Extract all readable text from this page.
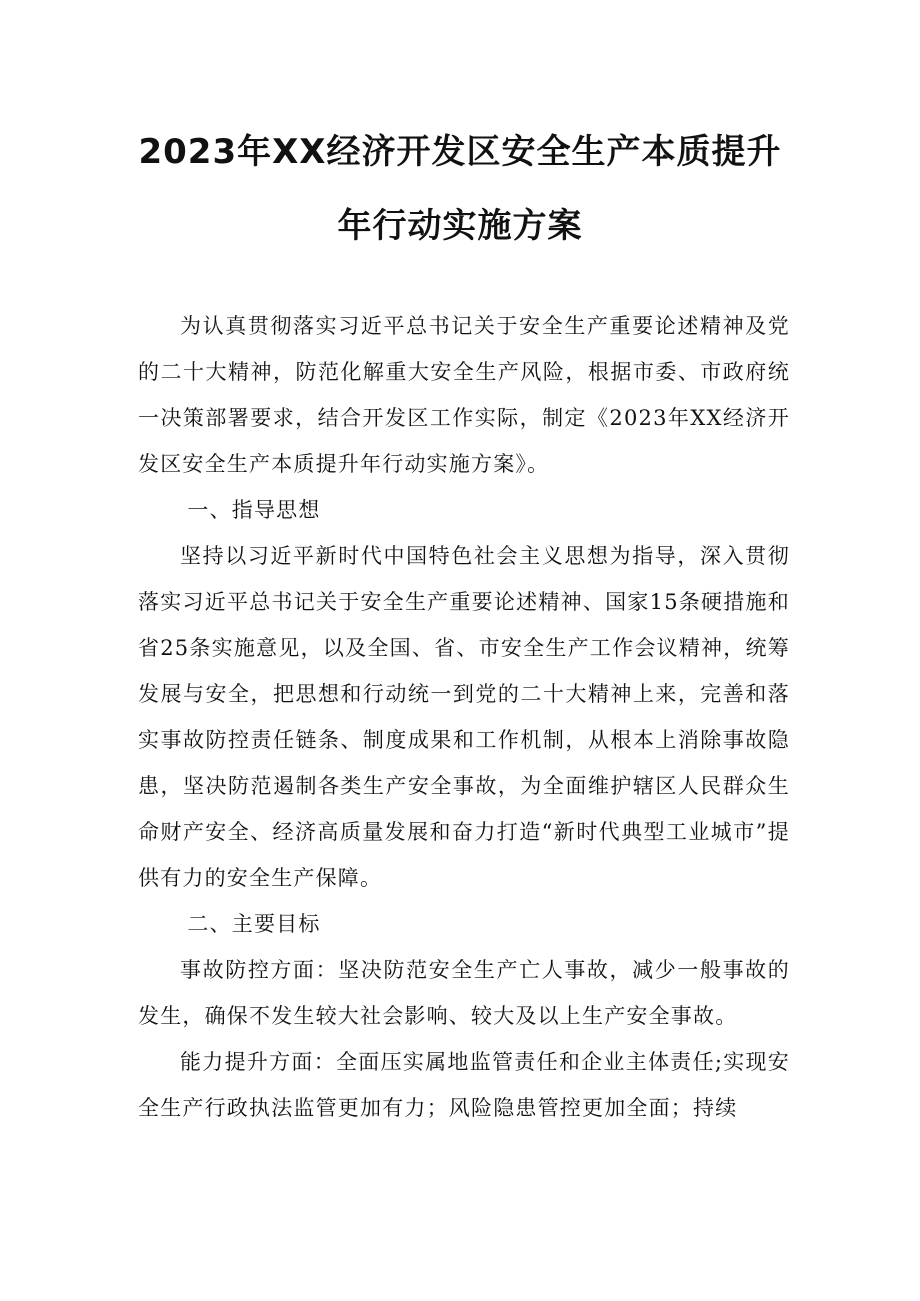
2023年XX经济开发区安全生产本质提升
年行动实施方案

为认真贯彻落实习近平总书记关于安全生产重要论述精神及党的二十大精神，防范化解重大安全生产风险，根据市委、市政府统一决策部署要求，结合开发区工作实际，制定《2023年XX经济开发区安全生产本质提升年行动实施方案》。

一、指导思想

坚持以习近平新时代中国特色社会主义思想为指导，深入贯彻落实习近平总书记关于安全生产重要论述精神、国家15条硬措施和省25条实施意见，以及全国、省、市安全生产工作会议精神，统筹发展与安全，把思想和行动统一到党的二十大精神上来，完善和落实事故防控责任链条、制度成果和工作机制，从根本上消除事故隐患，坚决防范遏制各类生产安全事故，为全面维护辖区人民群众生命财产安全、经济高质量发展和奋力打造“新时代典型工业城市”提供有力的安全生产保障。

二、主要目标

事故防控方面：坚决防范安全生产亡人事故，减少一般事故的发生，确保不发生较大社会影响、较大及以上生产安全事故。

能力提升方面：全面压实属地监管责任和企业主体责任;实现安全生产行政执法监管更加有力；风险隐患管控更加全面；持续
